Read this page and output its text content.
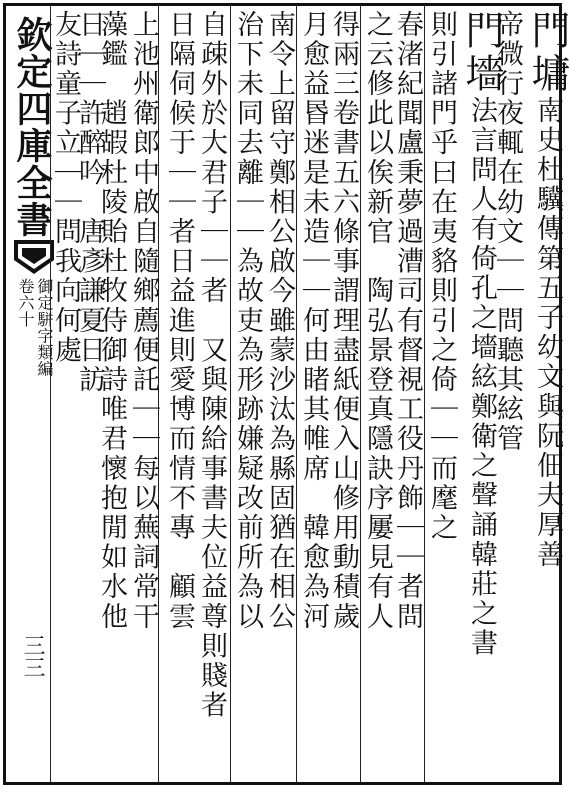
欽定四庫全書
御定駢字類編
卷六十
三三
門墉南史杜驥傳第五子幼文與阮佃夫厚善
帝微行夜輒在幼文｜｜問聽其絃管
門墻法言問人有倚孔之墻絃鄭衛之聲誦韓莊之書
則引諸門乎曰在夷貉則引之倚｜｜而麾之
春渚紀聞盧秉夢過漕司有督視工役丹飾｜｜者問
之云修此以俟新官　陶弘景登真隱訣序屢見有人
得兩三卷書五六條事謂理盡紙便入山修用動積歲
月愈益昬迷是未造｜｜何由睹其帷席　韓愈為河
南令上留守鄭相公啟今雖蒙沙汰為縣固猶在相公
治下未同去離｜｜為故吏為形跡嫌疑改前所為以
自疎外於大君子｜｜者　又與陳給事書夫位益尊則賤者
日隔伺候于｜｜者日益進則愛博而情不專　顧雲
上池州衛郎中啟自隨鄉薦便託｜｜每以蕪詞常干
藻鑑　趙嘏杜陵貽杜牧侍御詩唯君懷抱閒如水他
日｜｜許醉吟　唐彥謙夏日訪
友詩童子立｜｜問我向何處
